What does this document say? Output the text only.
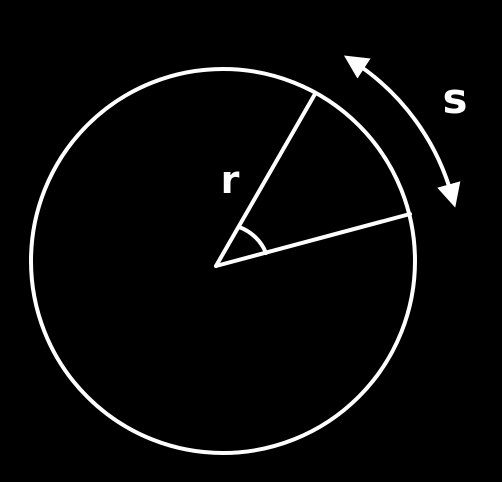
r
s
